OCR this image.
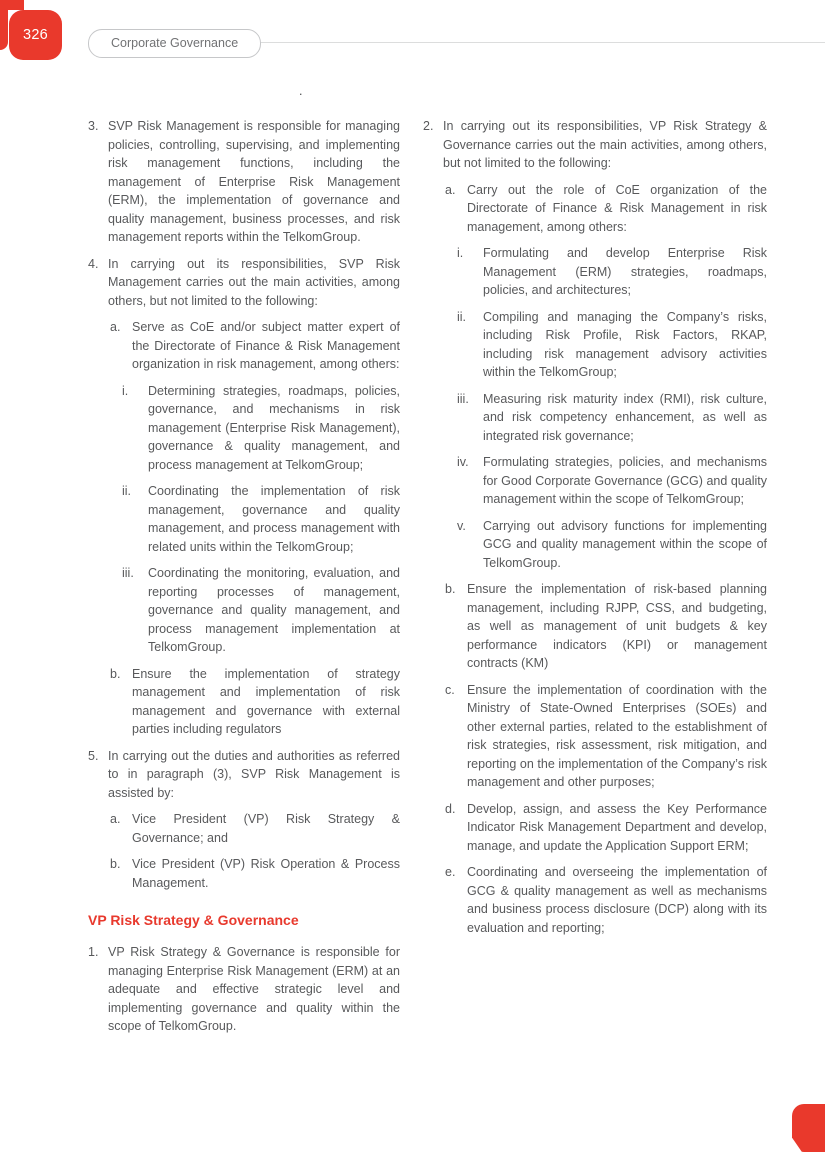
326	Corporate Governance
.
3. SVP Risk Management is responsible for managing policies, controlling, supervising, and implementing risk management functions, including the management of Enterprise Risk Management (ERM), the implementation of governance and quality management, business processes, and risk management reports within the TelkomGroup.

4. In carrying out its responsibilities, SVP Risk Management carries out the main activities, among others, but not limited to the following:

a. Serve as CoE and/or subject matter expert of the Directorate of Finance & Risk Management organization in risk management, among others:

i.	Determining strategies, roadmaps, policies, governance, and mechanisms in risk management (Enterprise Risk Management), governance & quality management, and process management at TelkomGroup;

ii.	Coordinating the implementation of risk management, governance and quality management, and process management with related units within the TelkomGroup;

iii.	Coordinating the monitoring, evaluation, and reporting processes of management, governance and quality management, and process management implementation at TelkomGroup.

b. Ensure the implementation of strategy management and implementation of risk management and governance with external parties including regulators

5. In carrying out the duties and authorities as referred to in paragraph (3), SVP Risk Management is assisted by:

a. Vice President (VP) Risk Strategy & Governance; and

b. Vice President (VP) Risk Operation & Process Management.

VP Risk Strategy & Governance
1. VP Risk Strategy & Governance is responsible for managing Enterprise Risk Management (ERM) at an adequate and effective strategic level and implementing governance and quality within the scope of TelkomGroup.

2. In carrying out its responsibilities, VP Risk Strategy & Governance carries out the main activities, among others, but not limited to the following:

a. Carry out the role of CoE organization of the Directorate of Finance & Risk Management in risk management, among others:

i.	Formulating and develop Enterprise Risk Management (ERM) strategies, roadmaps, policies, and architectures;

ii.	Compiling and managing the Company’s risks, including Risk Profile, Risk Factors, RKAP, including risk management advisory activities within the TelkomGroup;

iii.	Measuring risk maturity index (RMI), risk culture, and risk competency enhancement, as well as integrated risk governance;

iv.	Formulating strategies, policies, and mechanisms for Good Corporate Governance (GCG) and quality management within the scope of TelkomGroup;

v.	Carrying out advisory functions for implementing GCG and quality management within the scope of TelkomGroup.

b. Ensure the implementation of risk-based planning management, including RJPP, CSS, and budgeting, as well as management of unit budgets & key performance indicators (KPI) or management contracts (KM)

c. Ensure the implementation of coordination with the Ministry of State-Owned Enterprises (SOEs) and other external parties, related to the establishment of risk strategies, risk assessment, risk mitigation, and reporting on the implementation of the Company’s risk management and other purposes;

d. Develop, assign, and assess the Key Performance Indicator Risk Management Department and develop, manage, and update the Application Support ERM;

e. Coordinating and overseeing the implementation of GCG & quality management as well as mechanisms and business process disclosure (DCP) along with its evaluation and reporting;
